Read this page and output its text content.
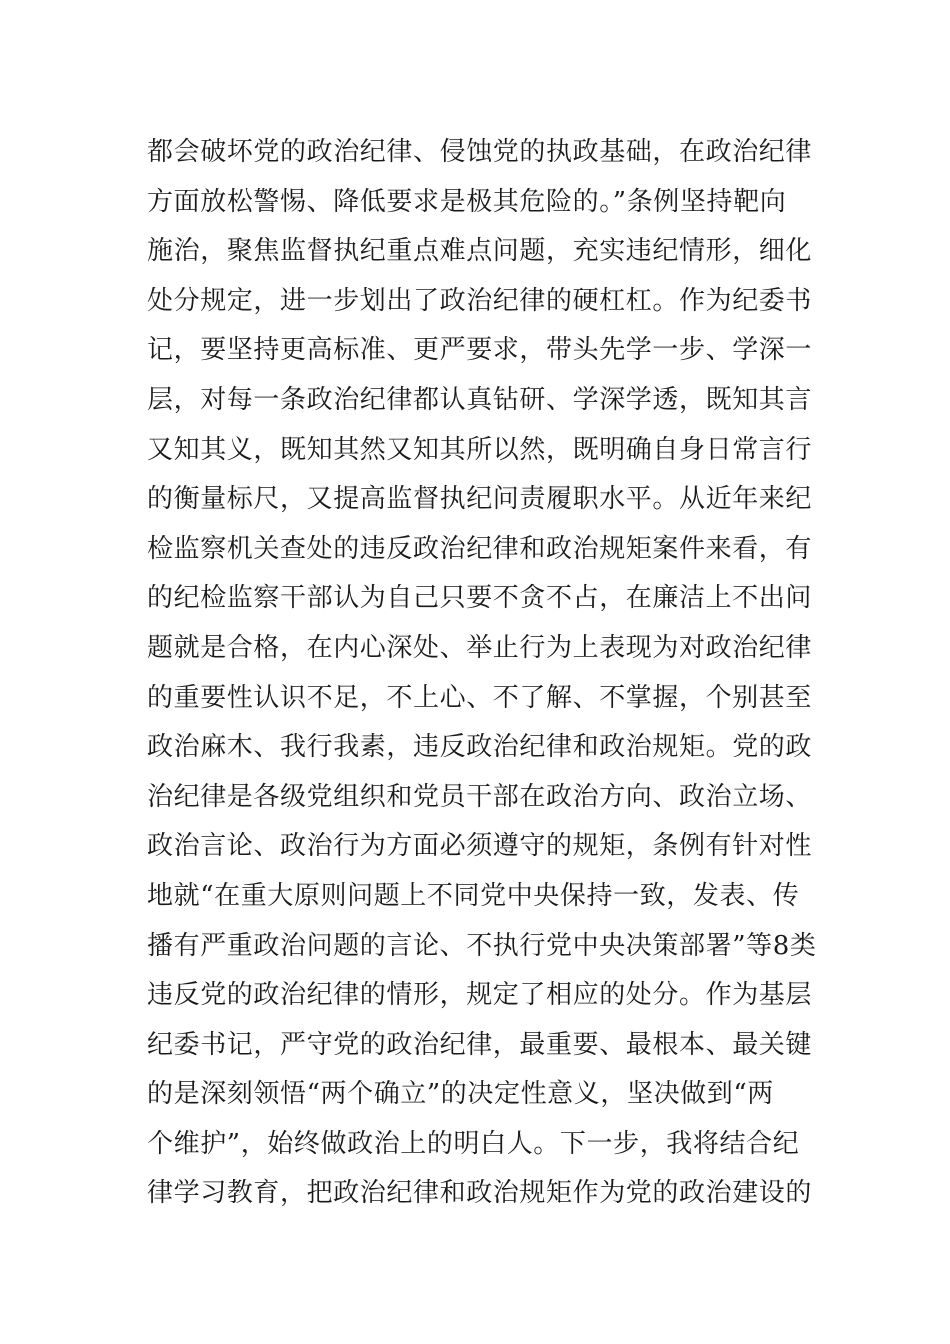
都会破坏党的政治纪律、侵蚀党的执政基础，在政治纪律
方面放松警惕、降低要求是极其危险的。”条例坚持靶向
施治，聚焦监督执纪重点难点问题，充实违纪情形，细化
处分规定，进一步划出了政治纪律的硬杠杠。作为纪委书
记，要坚持更高标准、更严要求，带头先学一步、学深一
层，对每一条政治纪律都认真钻研、学深学透，既知其言
又知其义，既知其然又知其所以然，既明确自身日常言行
的衡量标尺，又提高监督执纪问责履职水平。从近年来纪
检监察机关查处的违反政治纪律和政治规矩案件来看，有
的纪检监察干部认为自己只要不贪不占，在廉洁上不出问
题就是合格，在内心深处、举止行为上表现为对政治纪律
的重要性认识不足，不上心、不了解、不掌握，个别甚至
政治麻木、我行我素，违反政治纪律和政治规矩。党的政
治纪律是各级党组织和党员干部在政治方向、政治立场、
政治言论、政治行为方面必须遵守的规矩，条例有针对性
地就“在重大原则问题上不同党中央保持一致，发表、传
播有严重政治问题的言论、不执行党中央决策部署”等8类
违反党的政治纪律的情形，规定了相应的处分。作为基层
纪委书记，严守党的政治纪律，最重要、最根本、最关键
的是深刻领悟“两个确立”的决定性意义，坚决做到“两
个维护”，始终做政治上的明白人。下一步，我将结合纪
律学习教育，把政治纪律和政治规矩作为党的政治建设的
